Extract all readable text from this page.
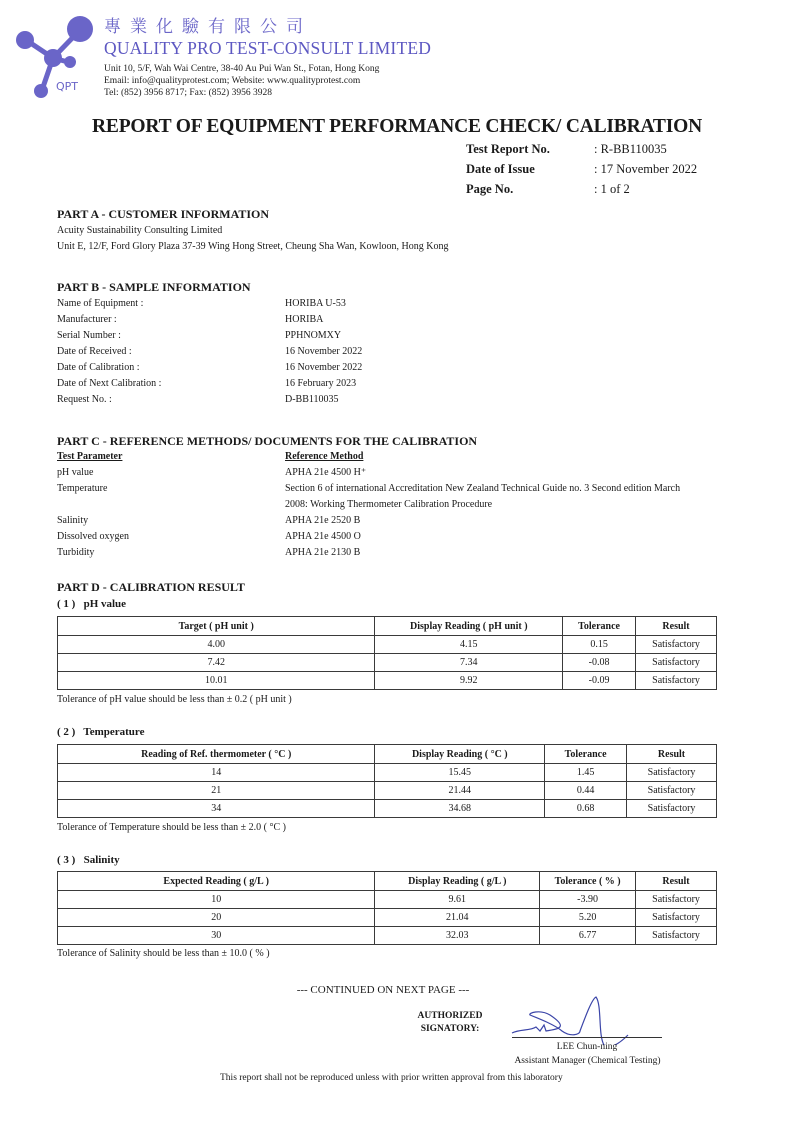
QPT
專業化驗有限公司
QUALITY PRO TEST-CONSULT LIMITED
Unit 10, 5/F, Wah Wai Centre, 38-40 Au Pui Wan St., Fotan, Hong Kong
Email: info@qualityprotest.com; Website: www.qualityprotest.com
Tel: (852) 3956 8717; Fax: (852) 3956 3928
REPORT OF EQUIPMENT PERFORMANCE CHECK/ CALIBRATION
Test Report No.	: R-BB110035
Date of Issue	: 17 November 2022
Page No.	: 1 of 2
PART A - CUSTOMER INFORMATION
Acuity Sustainability Consulting Limited
Unit E, 12/F, Ford Glory Plaza 37-39 Wing Hong Street, Cheung Sha Wan, Kowloon, Hong Kong
PART B - SAMPLE INFORMATION
Name of Equipment :	HORIBA U-53
Manufacturer :	HORIBA
Serial Number :	PPHNOMXY
Date of Received :	16 November 2022
Date of Calibration :	16 November 2022
Date of Next Calibration :	16 February 2023
Request No. :	D-BB110035
PART C - REFERENCE METHODS/ DOCUMENTS FOR THE CALIBRATION
Test Parameter	Reference Method
pH value	APHA 21e 4500 H⁺
Temperature	Section 6 of international Accreditation New Zealand Technical Guide no. 3 Second edition March
2008: Working Thermometer Calibration Procedure
Salinity	APHA 21e 2520 B
Dissolved oxygen	APHA 21e 4500 O
Turbidity	APHA 21e 2130 B
PART D - CALIBRATION RESULT
( 1 )   pH value
Target ( pH unit )	Display Reading ( pH unit )	Tolerance	Result
4.00	4.15	0.15	Satisfactory
7.42	7.34	-0.08	Satisfactory
10.01	9.92	-0.09	Satisfactory
Tolerance of pH value should be less than ± 0.2 ( pH unit )
( 2 )   Temperature
Reading of Ref. thermometer ( °C )	Display Reading ( °C )	Tolerance	Result
14	15.45	1.45	Satisfactory
21	21.44	0.44	Satisfactory
34	34.68	0.68	Satisfactory
Tolerance of Temperature should be less than ± 2.0 ( °C )
( 3 )   Salinity
Expected Reading ( g/L )	Display Reading ( g/L )	Tolerance ( % )	Result
10	9.61	-3.90	Satisfactory
20	21.04	5.20	Satisfactory
30	32.03	6.77	Satisfactory
Tolerance of Salinity should be less than ± 10.0 ( % )
--- CONTINUED ON NEXT PAGE ---
AUTHORIZED
SIGNATORY:
LEE Chun-ning
Assistant Manager (Chemical Testing)
This report shall not be reproduced unless with prior written approval from this laboratory
